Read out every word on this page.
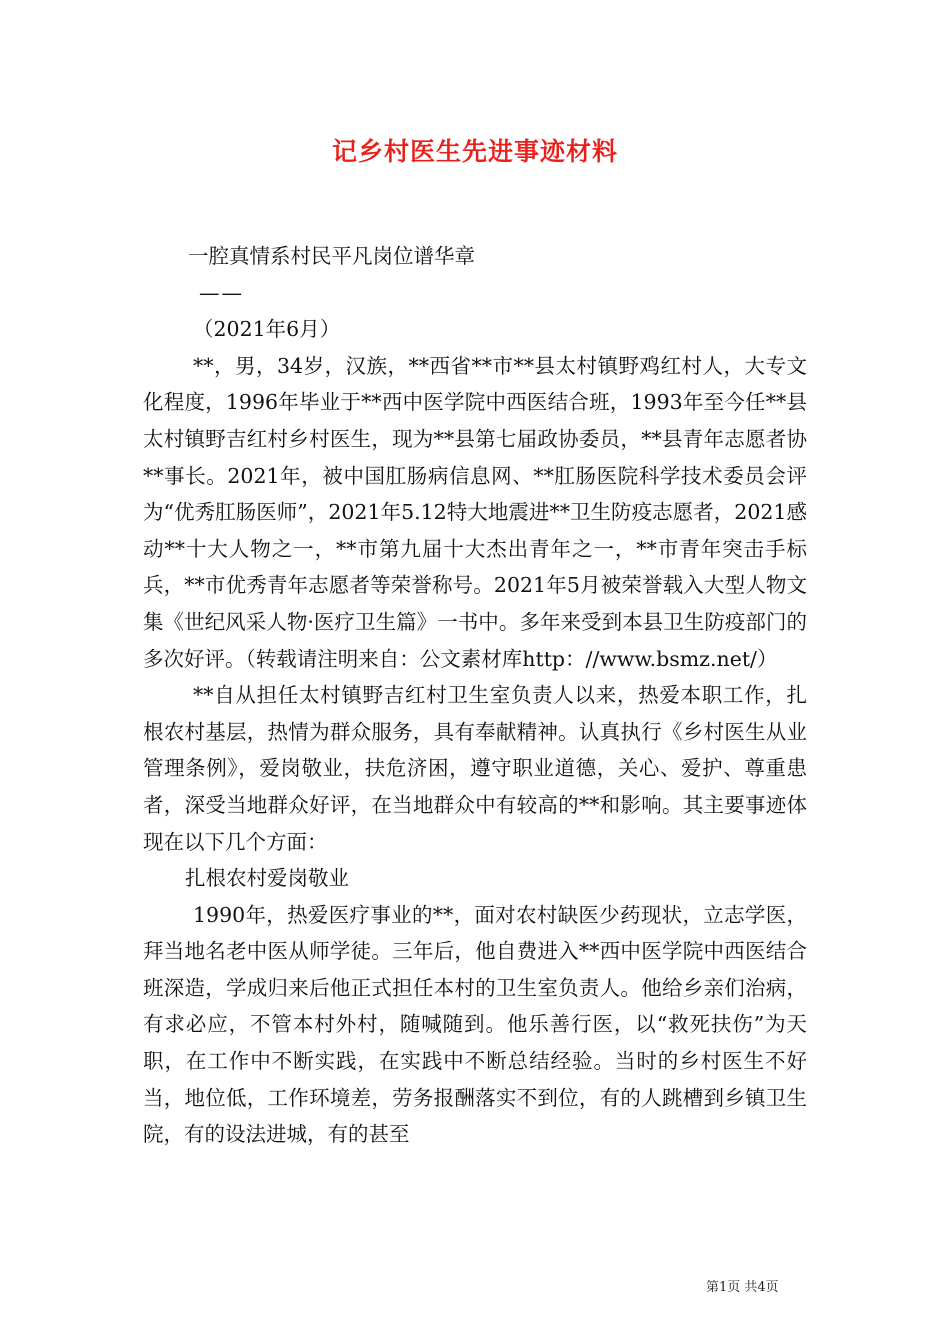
记乡村医生先进事迹材料

一腔真情系村民平凡岗位谱华章

——

（2021年6月）

**，男，34岁，汉族，**西省**市**县太村镇野鸡红村人，大专文化程度，1996年毕业于**西中医学院中西医结合班，1993年至今任**县太村镇野吉红村乡村医生，现为**县第七届政协委员，**县青年志愿者协**事长。2021年，被中国肛肠病信息网、**肛肠医院科学技术委员会评为“优秀肛肠医师”，2021年5.12特大地震进**卫生防疫志愿者，2021感动**十大人物之一，**市第九届十大杰出青年之一，**市青年突击手标兵，**市优秀青年志愿者等荣誉称号。2021年5月被荣誉载入大型人物文集《世纪风采人物·医疗卫生篇》一书中。多年来受到本县卫生防疫部门的多次好评。（转载请注明来自：公文素材库http：//www.bsmz.net/）

**自从担任太村镇野吉红村卫生室负责人以来，热爱本职工作，扎根农村基层，热情为群众服务，具有奉献精神。认真执行《乡村医生从业管理条例》，爱岗敬业，扶危济困，遵守职业道德，关心、爱护、尊重患者，深受当地群众好评，在当地群众中有较高的**和影响。其主要事迹体现在以下几个方面：

扎根农村爱岗敬业

1990年，热爱医疗事业的**，面对农村缺医少药现状，立志学医，拜当地名老中医从师学徒。三年后，他自费进入**西中医学院中西医结合班深造，学成归来后他正式担任本村的卫生室负责人。他给乡亲们治病，有求必应，不管本村外村，随喊随到。他乐善行医，以“救死扶伤”为天职，在工作中不断实践，在实践中不断总结经验。当时的乡村医生不好当，地位低，工作环境差，劳务报酬落实不到位，有的人跳槽到乡镇卫生院，有的设法进城，有的甚至

第1页 共4页
